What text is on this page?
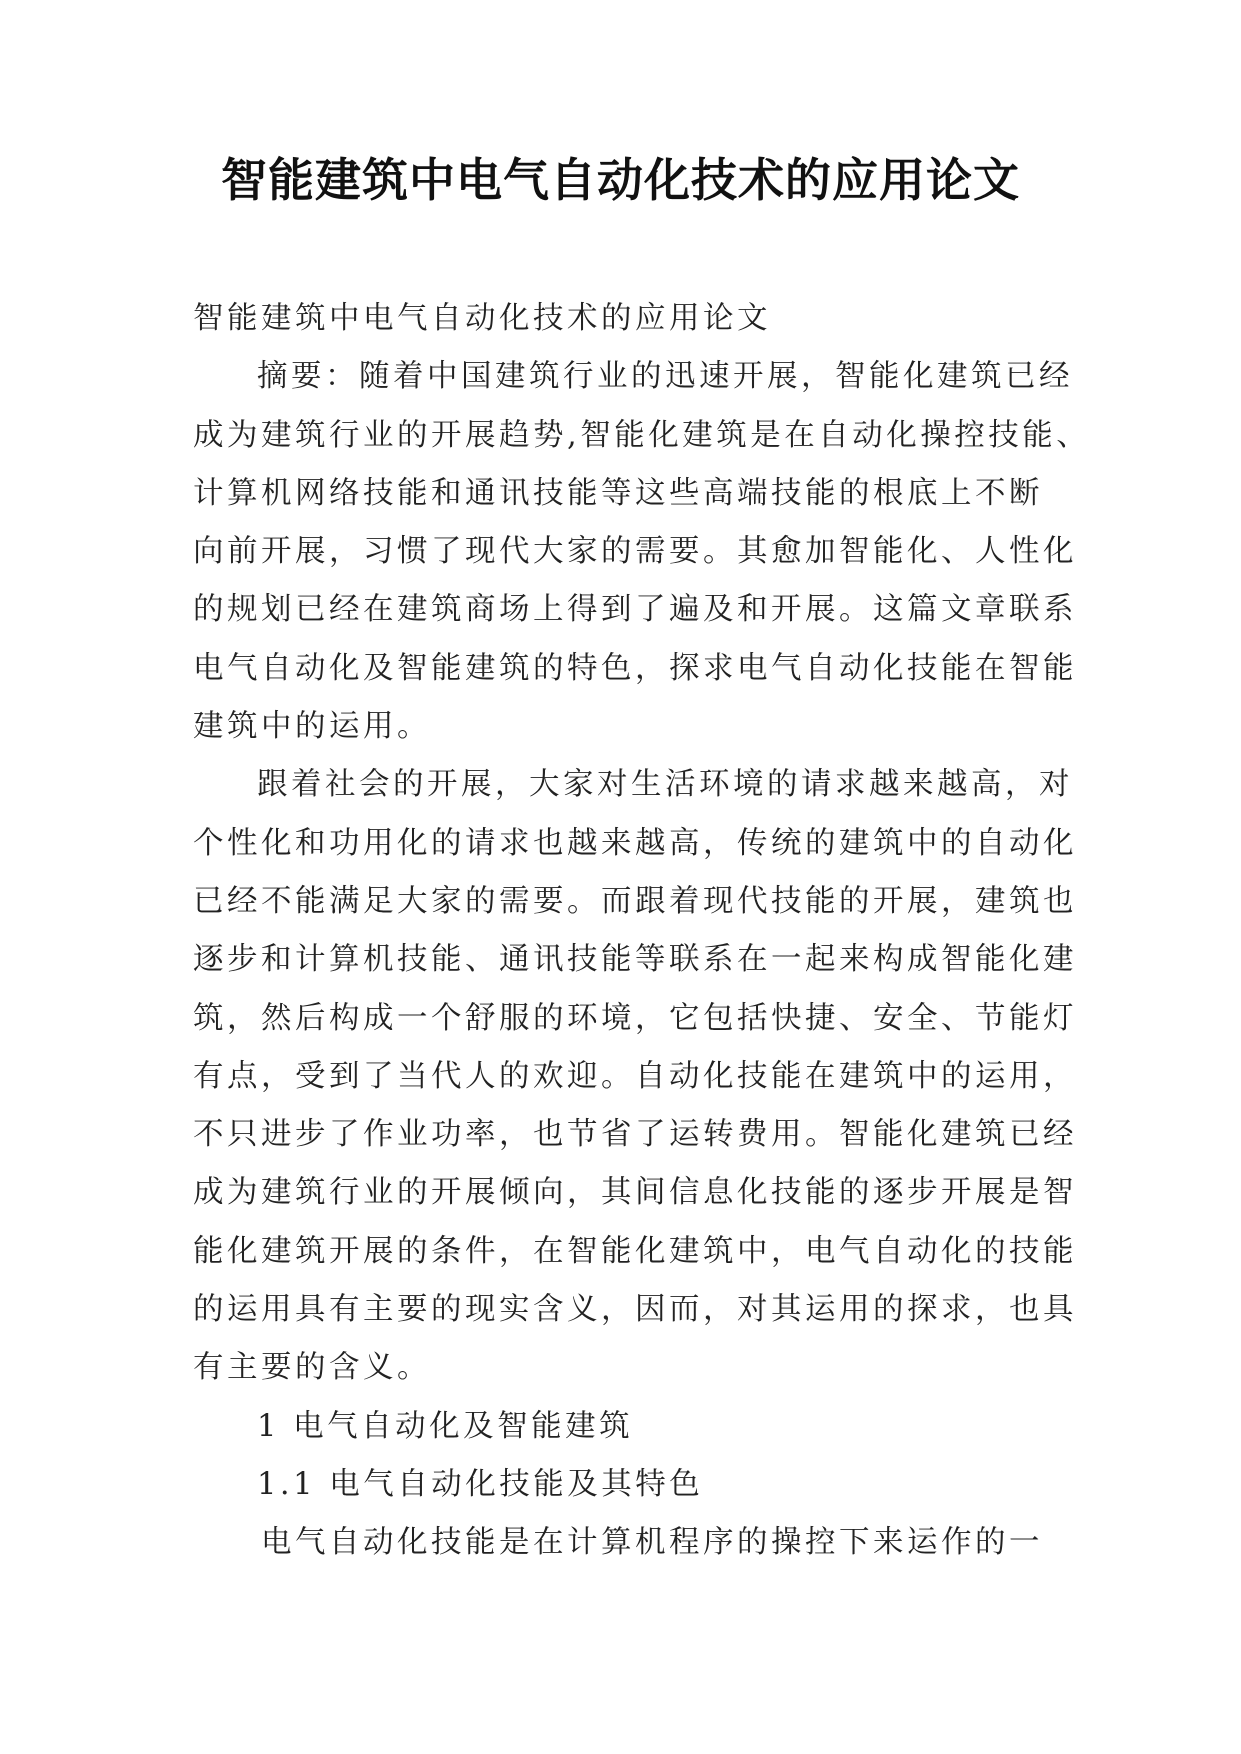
智能建筑中电气自动化技术的应用论文
智能建筑中电气自动化技术的应用论文
摘要：随着中国建筑行业的迅速开展，智能化建筑已经
成为建筑行业的开展趋势,智能化建筑是在自动化操控技能、
计算机网络技能和通讯技能等这些高端技能的根底上不断
向前开展，习惯了现代大家的需要。其愈加智能化、人性化
的规划已经在建筑商场上得到了遍及和开展。这篇文章联系
电气自动化及智能建筑的特色，探求电气自动化技能在智能
建筑中的运用。
跟着社会的开展，大家对生活环境的请求越来越高，对
个性化和功用化的请求也越来越高，传统的建筑中的自动化
已经不能满足大家的需要。而跟着现代技能的开展，建筑也
逐步和计算机技能、通讯技能等联系在一起来构成智能化建
筑，然后构成一个舒服的环境，它包括快捷、安全、节能灯
有点，受到了当代人的欢迎。自动化技能在建筑中的运用，
不只进步了作业功率，也节省了运转费用。智能化建筑已经
成为建筑行业的开展倾向，其间信息化技能的逐步开展是智
能化建筑开展的条件，在智能化建筑中，电气自动化的技能
的运用具有主要的现实含义，因而，对其运用的探求，也具
有主要的含义。
1 电气自动化及智能建筑
1.1 电气自动化技能及其特色
电气自动化技能是在计算机程序的操控下来运作的一
